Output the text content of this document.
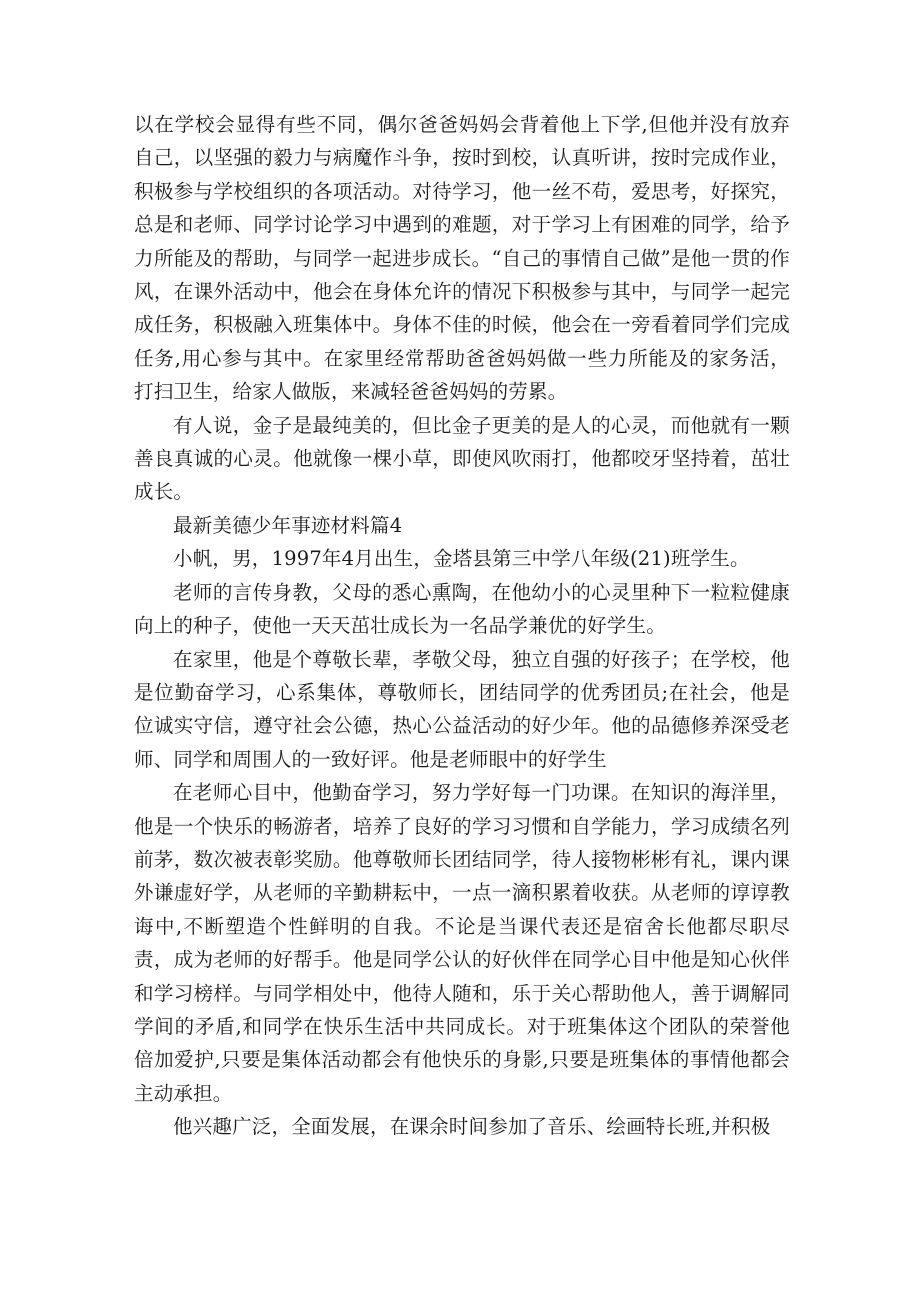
以在学校会显得有些不同，偶尔爸爸妈妈会背着他上下学,但他并没有放弃自己，以坚强的毅力与病魔作斗争，按时到校，认真听讲，按时完成作业，积极参与学校组织的各项活动。对待学习，他一丝不苟，爱思考，好探究，总是和老师、同学讨论学习中遇到的难题，对于学习上有困难的同学，给予力所能及的帮助，与同学一起进步成长。“自己的事情自己做”是他一贯的作风，在课外活动中，他会在身体允许的情况下积极参与其中，与同学一起完成任务，积极融入班集体中。身体不佳的时候，他会在一旁看着同学们完成任务,用心参与其中。在家里经常帮助爸爸妈妈做一些力所能及的家务活，打扫卫生，给家人做版，来减轻爸爸妈妈的劳累。

有人说，金子是最纯美的，但比金子更美的是人的心灵，而他就有一颗善良真诚的心灵。他就像一棵小草，即使风吹雨打，他都咬牙坚持着，茁壮成长。

最新美德少年事迹材料篇4

小帆，男，1997年4月出生，金塔县第三中学八年级(21)班学生。

老师的言传身教，父母的悉心熏陶，在他幼小的心灵里种下一粒粒健康向上的种子，使他一天天茁壮成长为一名品学兼优的好学生。

在家里，他是个尊敬长辈，孝敬父母，独立自强的好孩子；在学校，他是位勤奋学习，心系集体，尊敬师长，团结同学的优秀团员;在社会，他是位诚实守信，遵守社会公德，热心公益活动的好少年。他的品德修养深受老师、同学和周围人的一致好评。他是老师眼中的好学生

在老师心目中，他勤奋学习，努力学好每一门功课。在知识的海洋里，他是一个快乐的畅游者，培养了良好的学习习惯和自学能力，学习成绩名列前茅，数次被表彰奖励。他尊敬师长团结同学，待人接物彬彬有礼，课内课外谦虚好学，从老师的辛勤耕耘中，一点一滴积累着收获。从老师的谆谆教诲中,不断塑造个性鲜明的自我。不论是当课代表还是宿舍长他都尽职尽责，成为老师的好帮手。他是同学公认的好伙伴在同学心目中他是知心伙伴和学习榜样。与同学相处中，他待人随和，乐于关心帮助他人，善于调解同学间的矛盾,和同学在快乐生活中共同成长。对于班集体这个团队的荣誉他倍加爱护,只要是集体活动都会有他快乐的身影,只要是班集体的事情他都会主动承担。

他兴趣广泛，全面发展，在课余时间参加了音乐、绘画特长班,并积极
